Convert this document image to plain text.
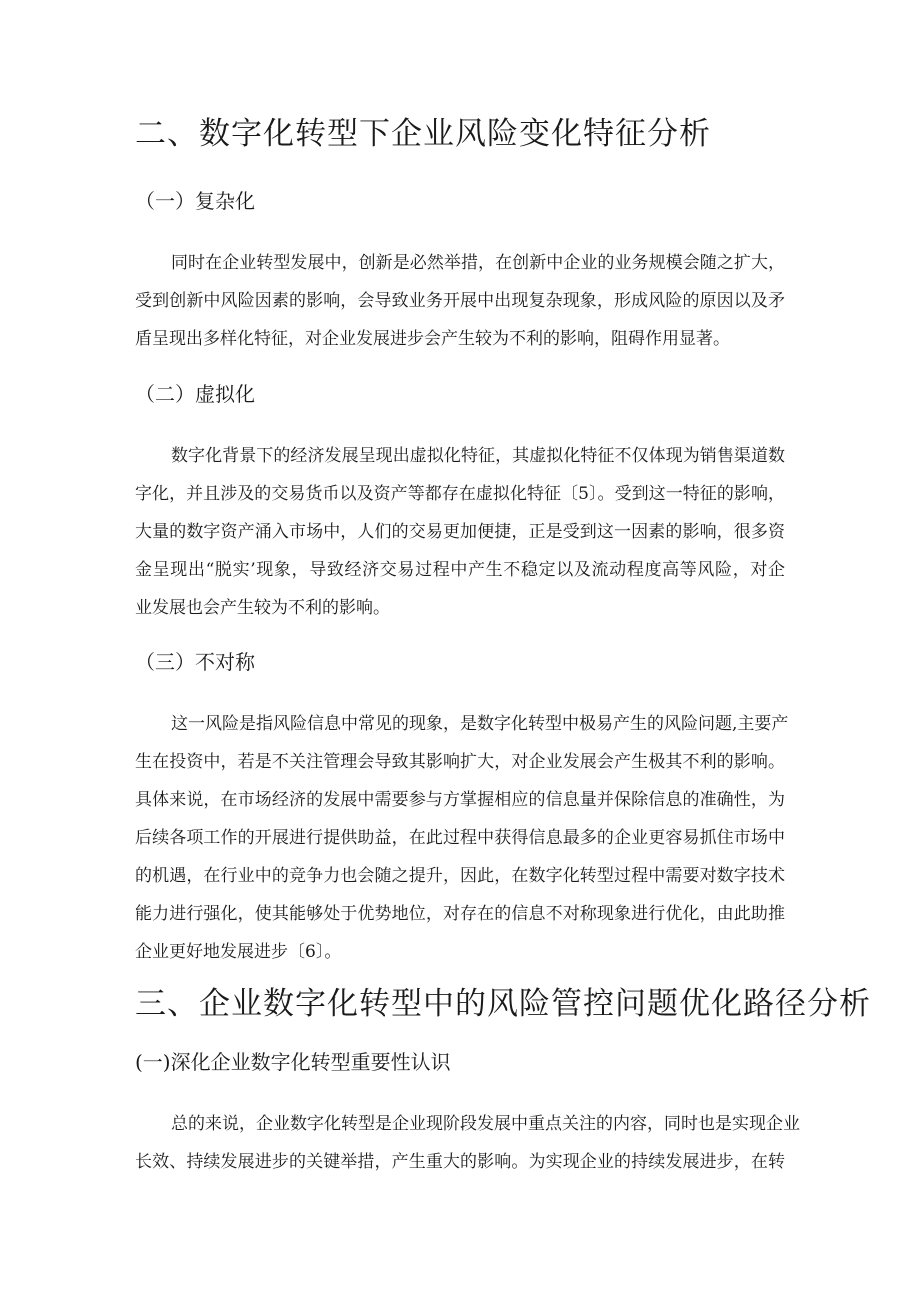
二、数字化转型下企业风险变化特征分析
（一）复杂化
同时在企业转型发展中，创新是必然举措，在创新中企业的业务规模会随之扩大，
受到创新中风险因素的影响，会导致业务开展中出现复杂现象，形成风险的原因以及矛
盾呈现出多样化特征，对企业发展进步会产生较为不利的影响，阻碍作用显著。
（二）虚拟化
数字化背景下的经济发展呈现出虚拟化特征，其虚拟化特征不仅体现为销售渠道数
字化，并且涉及的交易货币以及资产等都存在虚拟化特征〔5〕。受到这一特征的影响，
大量的数字资产涌入市场中，人们的交易更加便捷，正是受到这一因素的影响，很多资
金呈现出“脱实’现象，导致经济交易过程中产生不稳定以及流动程度高等风险，对企
业发展也会产生较为不利的影响。
（三）不对称
这一风险是指风险信息中常见的现象，是数字化转型中极易产生的风险问题,主要产
生在投资中，若是不关注管理会导致其影响扩大，对企业发展会产生极其不利的影响。
具体来说，在市场经济的发展中需要参与方掌握相应的信息量并保除信息的准确性，为
后续各项工作的开展进行提供助益，在此过程中获得信息最多的企业更容易抓住市场中
的机遇，在行业中的竞争力也会随之提升，因此，在数字化转型过程中需要对数字技术
能力进行强化，使其能够处于优势地位，对存在的信息不对称现象进行优化，由此助推
企业更好地发展进步〔6〕。
三、企业数字化转型中的风险管控问题优化路径分析
(一)深化企业数字化转型重要性认识
总的来说，企业数字化转型是企业现阶段发展中重点关注的内容，同时也是实现企业
长效、持续发展进步的关键举措，产生重大的影响。为实现企业的持续发展进步，在转
